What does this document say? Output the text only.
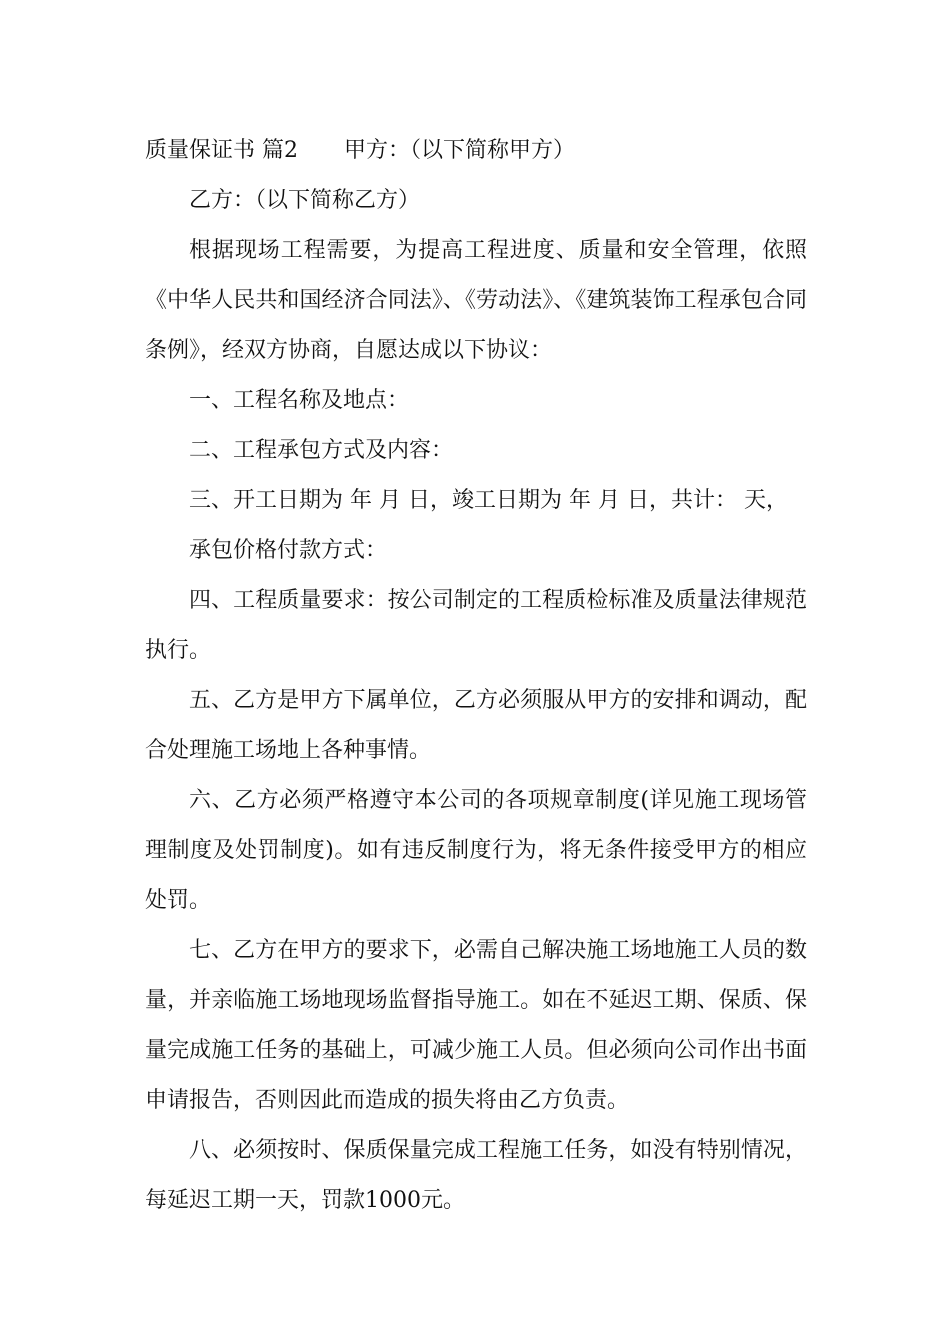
质量保证书 篇2 甲方：（以下简称甲方）

乙方：（以下简称乙方）

根据现场工程需要，为提高工程进度、质量和安全管理，依照《中华人民共和国经济合同法》、《劳动法》、《建筑装饰工程承包合同条例》，经双方协商，自愿达成以下协议：

一、工程名称及地点：

二、工程承包方式及内容：

三、开工日期为 年 月 日，竣工日期为 年 月 日，共计： 天，

承包价格付款方式：

四、工程质量要求：按公司制定的工程质检标准及质量法律规范执行。

五、乙方是甲方下属单位，乙方必须服从甲方的安排和调动，配合处理施工场地上各种事情。

六、乙方必须严格遵守本公司的各项规章制度(详见施工现场管理制度及处罚制度)。如有违反制度行为，将无条件接受甲方的相应处罚。

七、乙方在甲方的要求下，必需自己解决施工场地施工人员的数量，并亲临施工场地现场监督指导施工。如在不延迟工期、保质、保量完成施工任务的基础上，可减少施工人员。但必须向公司作出书面申请报告，否则因此而造成的损失将由乙方负责。

八、必须按时、保质保量完成工程施工任务，如没有特别情况，每延迟工期一天，罚款1000元。
